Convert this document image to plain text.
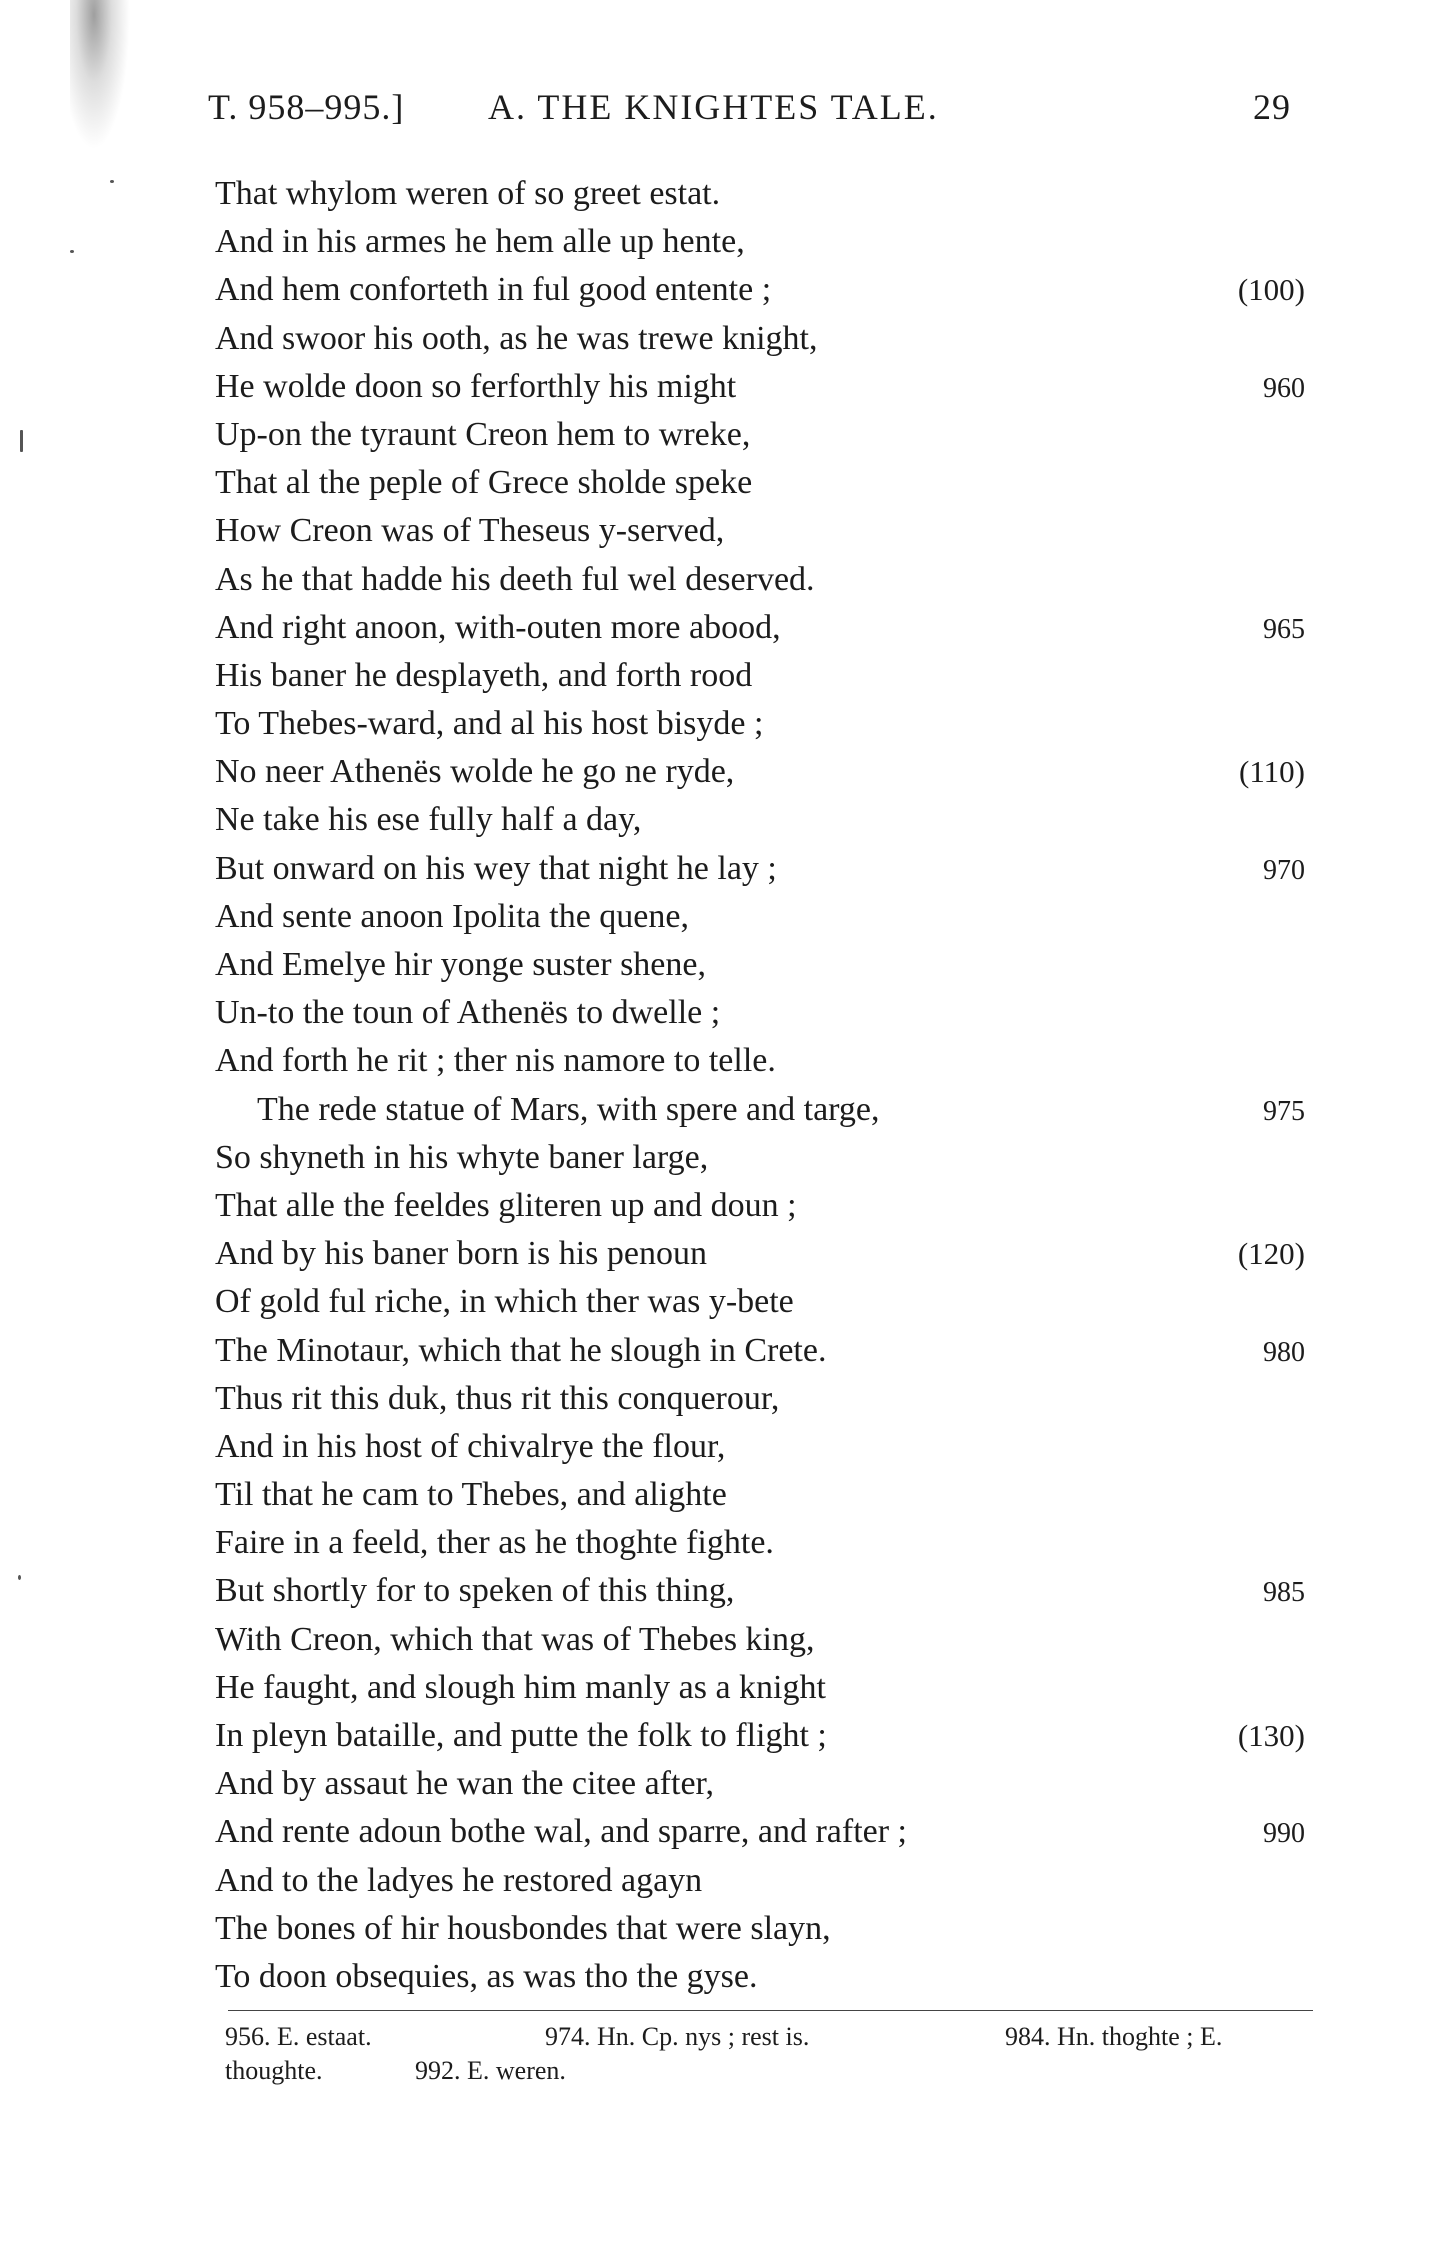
T. 958–995.] A. THE KNIGHTES TALE.	29
That whylom weren of so greet estat.
And in his armes he hem alle up hente,
And hem conforteth in ful good entente ;	(100)
And swoor his ooth, as he was trewe knight,
He wolde doon so ferforthly his might	960
Up-on the tyraunt Creon hem to wreke,
That al the peple of Grece sholde speke
How Creon was of Theseus y-served,
As he that hadde his deeth ful wel deserved.
And right anoon, with-outen more abood,	965
His baner he desplayeth, and forth rood
To Thebes-ward, and al his host bisyde ;
No neer Athenës wolde he go ne ryde,	(110)
Ne take his ese fully half a day,
But onward on his wey that night he lay ;	970
And sente anoon Ipolita the quene,
And Emelye hir yonge suster shene,
Un-to the toun of Athenës to dwelle ;
And forth he rit ; ther nis namore to telle.
The rede statue of Mars, with spere and targe,	975
So shyneth in his whyte baner large,
That alle the feeldes gliteren up and doun ;
And by his baner born is his penoun	(120)
Of gold ful riche, in which ther was y-bete
The Minotaur, which that he slough in Crete.	980
Thus rit this duk, thus rit this conquerour,
And in his host of chivalrye the flour,
Til that he cam to Thebes, and alighte
Faire in a feeld, ther as he thoghte fighte.
But shortly for to speken of this thing,	985
With Creon, which that was of Thebes king,
He faught, and slough him manly as a knight
In pleyn bataille, and putte the folk to flight ;	(130)
And by assaut he wan the citee after,
And rente adoun bothe wal, and sparre, and rafter ;	990
And to the ladyes he restored agayn
The bones of hir housbondes that were slayn,
To doon obsequies, as was tho the gyse.
956. E. estaat.	974. Hn. Cp. nys ; rest is.	984. Hn. thoghte ; E.
thoughte.	992. E. weren.
